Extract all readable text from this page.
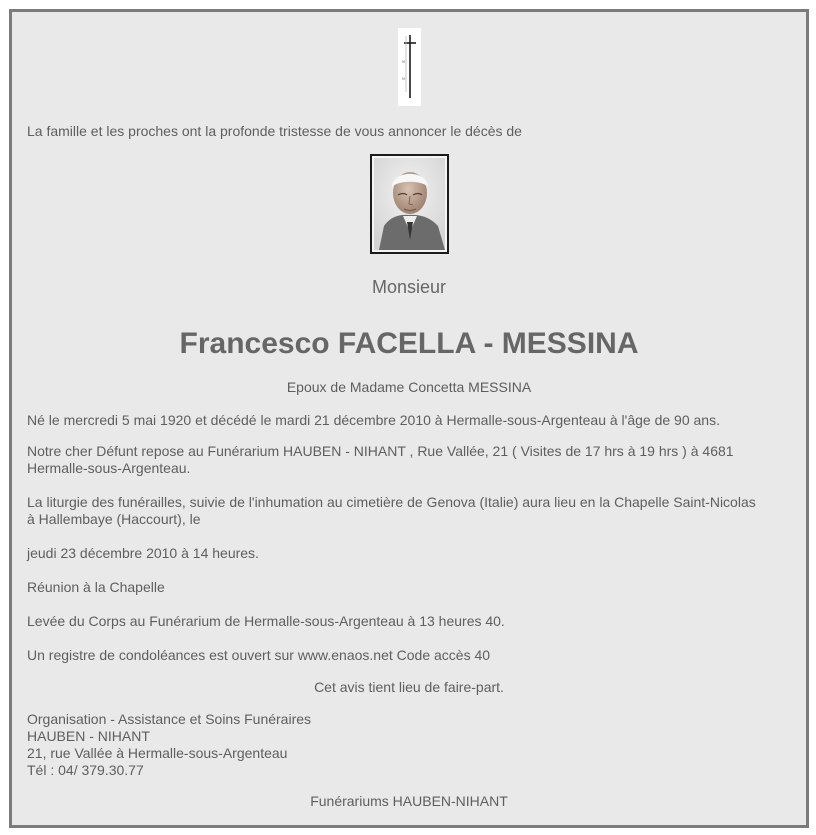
ᴍ
ᴍ
La famille et les proches ont la profonde tristesse de vous annoncer le décès de
Monsieur
Francesco FACELLA - MESSINA
Epoux de Madame Concetta MESSINA
Né le mercredi 5 mai 1920 et décédé le mardi 21 décembre 2010 à Hermalle-sous-Argenteau à l'âge de 90 ans.
Notre cher Défunt repose au Funérarium HAUBEN - NIHANT , Rue Vallée, 21 ( Visites de 17 hrs à 19 hrs ) à 4681
Hermalle-sous-Argenteau.
La liturgie des funérailles, suivie de l'inhumation au cimetière de Genova (Italie) aura lieu en la Chapelle Saint-Nicolas
à Hallembaye (Haccourt), le
jeudi 23 décembre 2010 à 14 heures.
Réunion à la Chapelle
Levée du Corps au Funérarium de Hermalle-sous-Argenteau à 13 heures 40.
Un registre de condoléances est ouvert sur www.enaos.net Code accès 40
Cet avis tient lieu de faire-part.
Organisation - Assistance et Soins Funéraires
HAUBEN - NIHANT
21, rue Vallée à Hermalle-sous-Argenteau
Tél : 04/ 379.30.77
Funérariums HAUBEN-NIHANT
